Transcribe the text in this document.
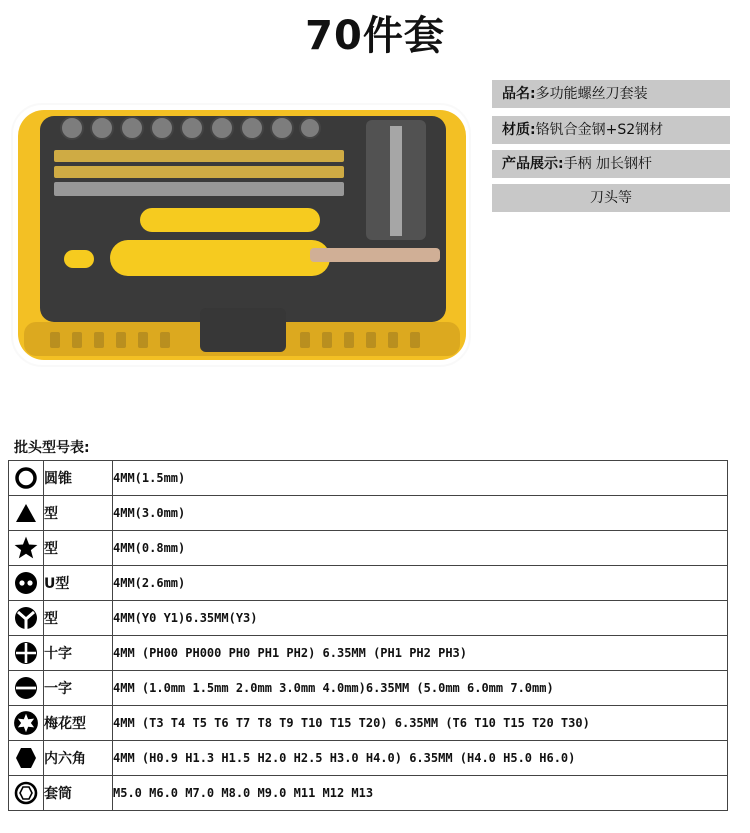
70件套
品名:多功能螺丝刀套装
材质:铬钒合金钢+S2钢材
产品展示:手柄 加长钢杆
刀头等
批头型号表:
	圆锥	4MM(1.5mm)

	型	4MM(3.0mm)

	型	4MM(0.8mm)

	U型	4MM(2.6mm)

	型	4MM(Y0 Y1)6.35MM(Y3)

	十字	4MM (PH00 PH000 PH0 PH1 PH2) 6.35MM (PH1 PH2 PH3)

	一字	4MM (1.0mm 1.5mm 2.0mm 3.0mm 4.0mm)6.35MM (5.0mm 6.0mm 7.0mm)

	梅花型	4MM (T3 T4 T5 T6 T7 T8 T9 T10 T15 T20) 6.35MM (T6 T10 T15 T20 T30)

	内六角	4MM (H0.9 H1.3 H1.5 H2.0 H2.5 H3.0 H4.0) 6.35MM (H4.0 H5.0 H6.0)

	套筒	M5.0 M6.0 M7.0 M8.0 M9.0 M11 M12 M13
